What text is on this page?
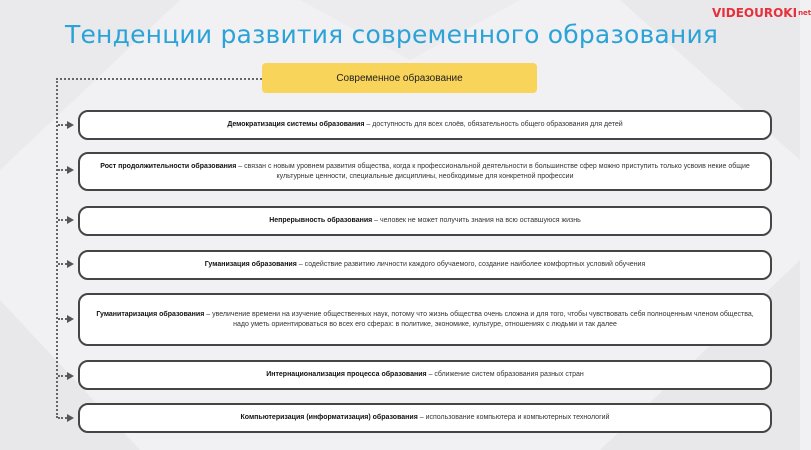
Тенденции развития современного образования
VIDEOUROKI net
Современное образование
Демократизация системы образования – доступность для всех слоёв, обязательность общего образования для детей
Рост продолжительности образования – связан с новым уровнем развития общества, когда к профессиональной деятельности в большинстве сфер можно приступить только усвоив некие общие культурные ценности, специальные дисциплины, необходимые для конкретной профессии
Непрерывность образования – человек не может получить знания на всю оставшуюся жизнь
Гуманизация образования – содействие развитию личности каждого обучаемого, создание наиболее комфортных условий обучения
Гуманитаризация образования – увеличение времени на изучение общественных наук, потому что жизнь общества очень сложна и для того, чтобы чувствовать себя полноценным членом общества, надо уметь ориентироваться во всех его сферах: в политике, экономике, культуре, отношениях с людьми и так далее
Интернационализация процесса образования – сближение систем образования разных стран
Компьютеризация (информатизация) образования – использование компьютера и компьютерных технологий
